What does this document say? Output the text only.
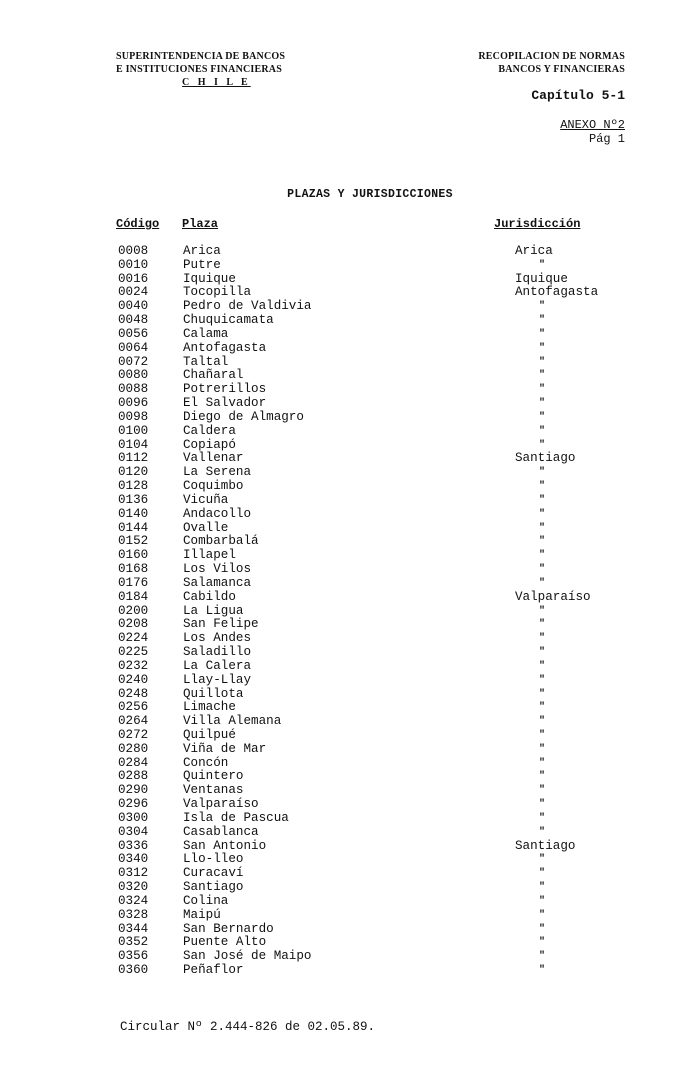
SUPERINTENDENCIA DE BANCOS
E INSTITUCIONES FINANCIERAS
C H I L E
RECOPILACION DE NORMAS
BANCOS Y FINANCIERAS
Capítulo 5-1
ANEXO Nº2
Pág 1
PLAZAS Y JURISDICCIONES
Código Plaza	Jurisdicción
0008	Arica	Arica
0010	Putre	"
0016	Iquique	Iquique
0024	Tocopilla	Antofagasta
0040	Pedro de Valdivia	"
0048	Chuquicamata	"
0056	Calama	"
0064	Antofagasta	"
0072	Taltal	"
0080	Chañaral	"
0088	Potrerillos	"
0096	El Salvador	"
0098	Diego de Almagro	"
0100	Caldera	"
0104	Copiapó	"
0112	Vallenar	Santiago
0120	La Serena	"
0128	Coquimbo	"
0136	Vicuña	"
0140	Andacollo	"
0144	Ovalle	"
0152	Combarbalá	"
0160	Illapel	"
0168	Los Vilos	"
0176	Salamanca	"
0184	Cabildo	Valparaíso
0200	La Ligua	"
0208	San Felipe	"
0224	Los Andes	"
0225	Saladillo	"
0232	La Calera	"
0240	Llay-Llay	"
0248	Quillota	"
0256	Limache	"
0264	Villa Alemana	"
0272	Quilpué	"
0280	Viña de Mar	"
0284	Concón	"
0288	Quintero	"
0290	Ventanas	"
0296	Valparaíso	"
0300	Isla de Pascua	"
0304	Casablanca	"
0336	San Antonio	Santiago
0340	Llo-lleo	"
0312	Curacaví	"
0320	Santiago	"
0324	Colina	"
0328	Maipú	"
0344	San Bernardo	"
0352	Puente Alto	"
0356	San José de Maipo	"
0360	Peñaflor	"
Circular Nº 2.444-826 de 02.05.89.
